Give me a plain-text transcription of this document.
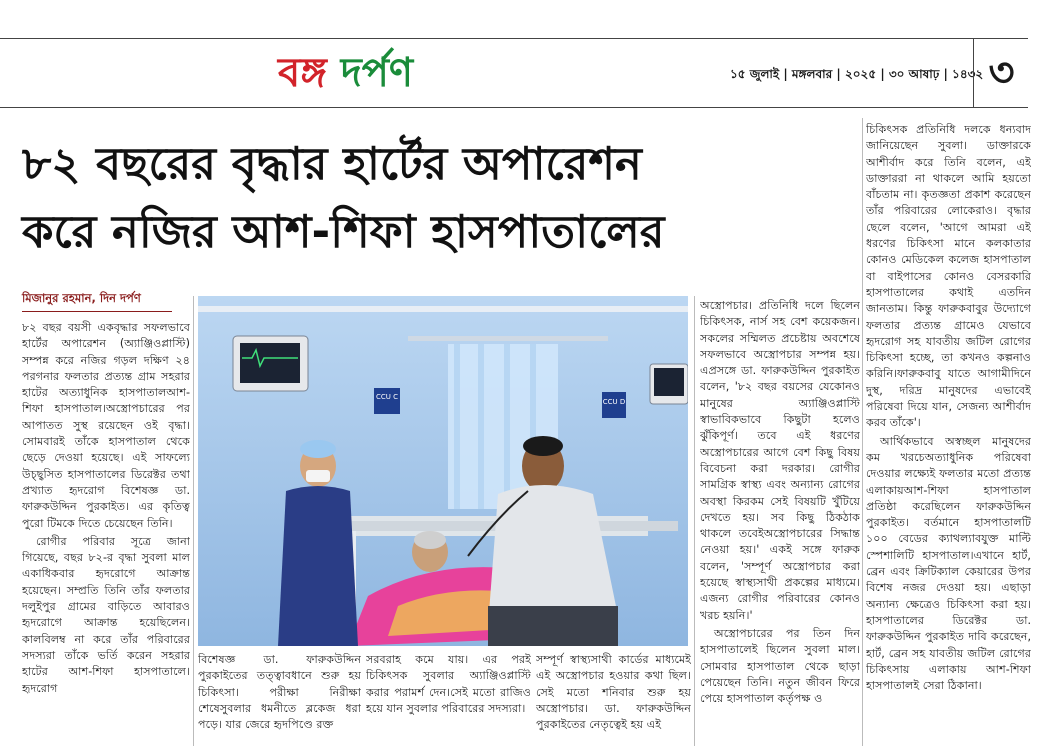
বঙ্গ দর্পণ	১৫ জুলাই | মঙ্গলবার | ২০২৫ | ৩০ আষাঢ় | ১৪৩২ ৩
৮২ বছরের বৃদ্ধার হার্টের অপারেশন
করে নজির আশ-শিফা হাসপাতালের
মিজানুর রহমান, দিন দর্পণ

৮২ বছর বয়সী একবৃদ্ধার সফলভাবে হার্টের অপারেশন (অ্যাঞ্জিওপ্লাস্টি) সম্পন্ন করে নজির গড়ল দক্ষিণ ২৪ পরগনার ফলতার প্রত্যন্ত গ্রাম সহরার হাটের অত্যাধুনিক হাসপাতালআশ-শিফা হাসপাতাল।অস্ত্রোপচারের পর আপাতত সুস্থ রয়েছেন ওই বৃদ্ধা। সোমবারই তাঁকে হাসপাতাল থেকে ছেড়ে দেওয়া হয়েছে। এই সাফল্যে উচ্ছ্বসিত হাসপাতালের ডিরেক্টর তথা প্রখ্যাত হৃদরোগ বিশেষজ্ঞ ডা. ফারুকউদ্দিন পুরকাইত। এর কৃতিত্ব পুরো টিমকে দিতে চেয়েছেন তিনি।

রোগীর পরিবার সূত্রে জানা গিয়েছে, বছর ৮২-র বৃদ্ধা সুবলা মাল একাধিকবার হৃদরোগে আক্রান্ত হয়েছেন। সম্প্রতি তিনি তাঁর ফলতার দলুইপুর গ্রামের বাড়িতে আবারও হৃদরোগে আক্রান্ত হয়েছিলেন। কালবিলম্ব না করে তাঁর পরিবারের সদস্যরা তাঁকে ভর্তি করেন সহরার হাটের আশ-শিফা হাসপাতালে। হৃদরোগ

বিশেষজ্ঞ ডা. ফারুকউদ্দিন পুরকাইতের তত্ত্বাবধানে শুরু হয় চিকিৎসা। পরীক্ষা নিরীক্ষা শেষেসুবলার ধমনীতে ব্লকেজ ধরা পড়ে। যার জেরে হৃদপিণ্ডে রক্ত

সরবরাহ কমে যায়। এর পরই চিকিৎসক সুবলার অ্যাঞ্জিওপ্লাস্টি করার পরামর্শ দেন।সেই মতো রাজিও হয়ে যান সুবলার পরিবারের সদস্যরা।

সম্পূর্ণ স্বাস্থ্যসাথী কার্ডের মাধ্যমেই এই অস্ত্রোপচার হওয়ার কথা ছিল। সেই মতো শনিবার শুরু হয় অস্ত্রোপচার। ডা. ফারুকউদ্দিন পুরকাইতের নেতৃত্বেই হয় এই

অস্ত্রোপচার। প্রতিনিধি দলে ছিলেন চিকিৎসক, নার্স সহ বেশ কয়েকজন। সকলের সম্মিলত প্রচেষ্টায় অবশেষে সফলভাবে অস্ত্রোপচার সম্পন্ন হয়। এপ্রসঙ্গে ডা. ফারুকউদ্দিন পুরকাইত বলেন, '৮২ বছর বয়সের যেকোনও মানুষের অ্যাঞ্জিওপ্লাস্টি স্বাভাবিকভাবে কিছুটা হলেও ঝুঁকিপূর্ণ। তবে এই ধরণের অস্ত্রোপচারের আগে বেশ কিছু বিষয় বিবেচনা করা দরকার। রোগীর সামগ্রিক স্বাস্থ্য এবং অন্যান্য রোগের অবস্থা কিরকম সেই বিষয়টি খুঁটিয়ে দেখতে হয়। সব কিছু ঠিকঠাক থাকলে তবেইঅস্ত্রোপচারের সিদ্ধান্ত নেওয়া হয়।' একই সঙ্গে ফারুক বলেন, 'সম্পূর্ণ অস্ত্রোপচার করা হয়েছে স্বাস্থ্যসাথী প্রকল্পের মাধ্যমে। এজন্য রোগীর পরিবারের কোনও খরচ হয়নি।'

অস্ত্রোপচারের পর তিন দিন হাসপাতালেই ছিলেন সুবলা মাল। সোমবার হাসপাতাল থেকে ছাড়া পেয়েছেন তিনি। নতুন জীবন ফিরে পেয়ে হাসপাতাল কর্তৃপক্ষ ও

চিকিৎসক প্রতিনিধি দলকে ধন্যবাদ জানিয়েছেন সুবলা। ডাক্তারকে আশীর্বাদ করে তিনি বলেন, এই ডাক্তাররা না থাকলে আমি হয়তো বাঁচতাম না। কৃতজ্ঞতা প্রকাশ করেছেন তাঁর পরিবারের লোকেরাও। বৃদ্ধার ছেলে বলেন, 'আগে আমরা এই ধরণের চিকিৎসা মানে কলকাতার কোনও মেডিকেল কলেজ হাসপাতাল বা বাইপাসের কোনও বেসরকারি হাসপাতালের কথাই এতদিন জানতাম। কিন্তু ফারুকবাবুর উদ্যোগে ফলতার প্রত্যন্ত গ্রামেও যেভাবে হৃদরোগ সহ যাবতীয় জটিল রোগের চিকিৎসা হচ্ছে, তা কখনও কল্পনাও করিনি।ফারুকবাবু যাতে আগামীদিনে দুস্থ, দরিদ্র মানুষদের এভাবেই পরিষেবা দিয়ে যান, সেজন্য আশীর্বাদ করব তাঁকে'।

আর্থিকভাবে অস্বচ্ছল মানুষদের কম খরচেঅত্যাধুনিক পরিষেবা দেওয়ার লক্ষ্যেই ফলতার মতো প্রত্যন্ত এলাকায়আশ-শিফা হাসপাতাল প্রতিষ্ঠা করেছিলেন ফারুকউদ্দিন পুরকাইত। বর্তমানে হাসপাতালটি ১০০ বেডের ক্যাথল্যাবযুক্ত মাল্টি স্পেশালিটি হাসপাতাল।এখানে হার্ট, ব্রেন এবং ক্রিটিক্যাল কেয়ারের উপর বিশেষ নজর দেওয়া হয়। এছাড়া অন্যান্য ক্ষেত্রেও চিকিৎসা করা হয়। হাসপাতালের ডিরেক্টর ডা. ফারুকউদ্দিন পুরকাইত দাবি করেছেন, হার্ট, ব্রেন সহ যাবতীয় জটিল রোগের চিকিৎসায় এলাকায় আশ-শিফা হাসপাতালই সেরা ঠিকানা।

CCU C
CCU D
